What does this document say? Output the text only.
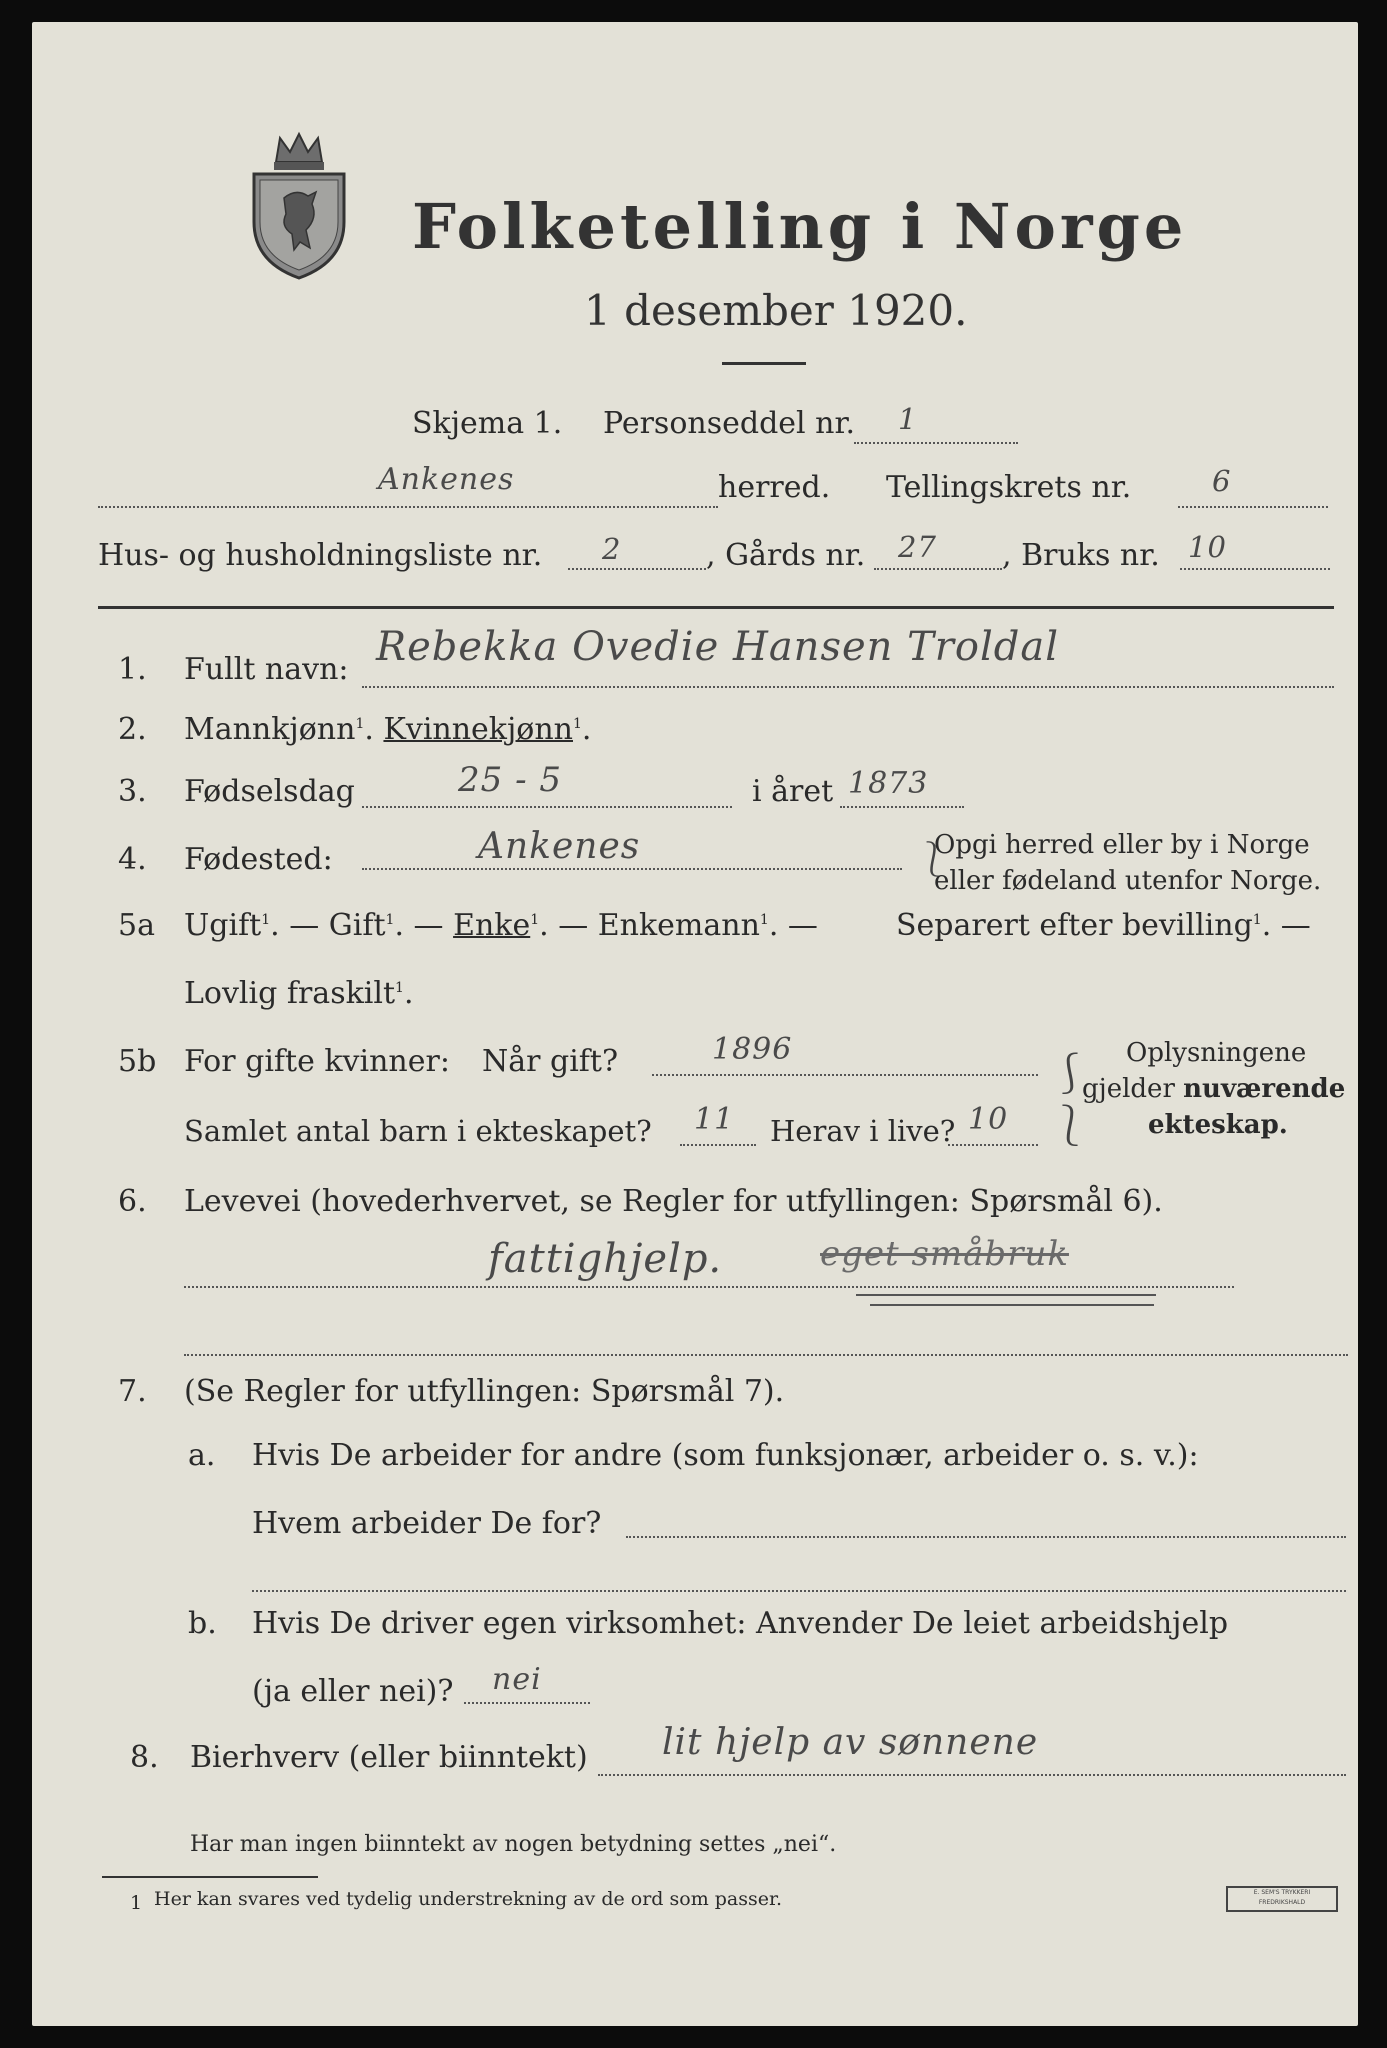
Folketelling i Norge
1 desember 1920.
Skjema 1. Personseddel nr. 1
Ankenes	herred. Tellingskrets nr.	6
Hus- og husholdningsliste nr. 2	, Gårds nr. 27 , Bruks nr. 10
1. Fullt navn: Rebekka Ovedie Hansen Troldal
2. Mannkjønn$^1$. Kvinnekjønn$^1$.
3. Fødselsdag	25 - 5	i året 1873
4. Fødested:	Ankenes	⎱
Opgi herred eller by i Norge
eller fødeland utenfor Norge.
5a Ugift$^1$. — Gift$^1$. — Enke$^1$. — Enkemann$^1$. —	Separert efter bevilling$^1$. —
Lovlig fraskilt$^1$.
5b For gifte kvinner: Når gift?	1896
Samlet antal barn i ekteskapet? 11 Herav i live? 10
⎰
⎱
Oplysningene
gjelder nuværende
ekteskap.
6. Levevei (hovederhvervet, se Regler for utfyllingen: Spørsmål 6).
fattighjelp.	eget småbruk
7. (Se Regler for utfyllingen: Spørsmål 7).
a. Hvis De arbeider for andre (som funksjonær, arbeider o. s. v.):
Hvem arbeider De for?
b. Hvis De driver egen virksomhet: Anvender De leiet arbeidshjelp
(ja eller nei)? nei
8. Bierhverv (eller biinntekt) lit hjelp av sønnene
Har man ingen biinntekt av nogen betydning settes „nei“.
1 Her kan svares ved tydelig understrekning av de ord som passer.	E. SEM'S TRYKKERI
FREDRIKSHALD
